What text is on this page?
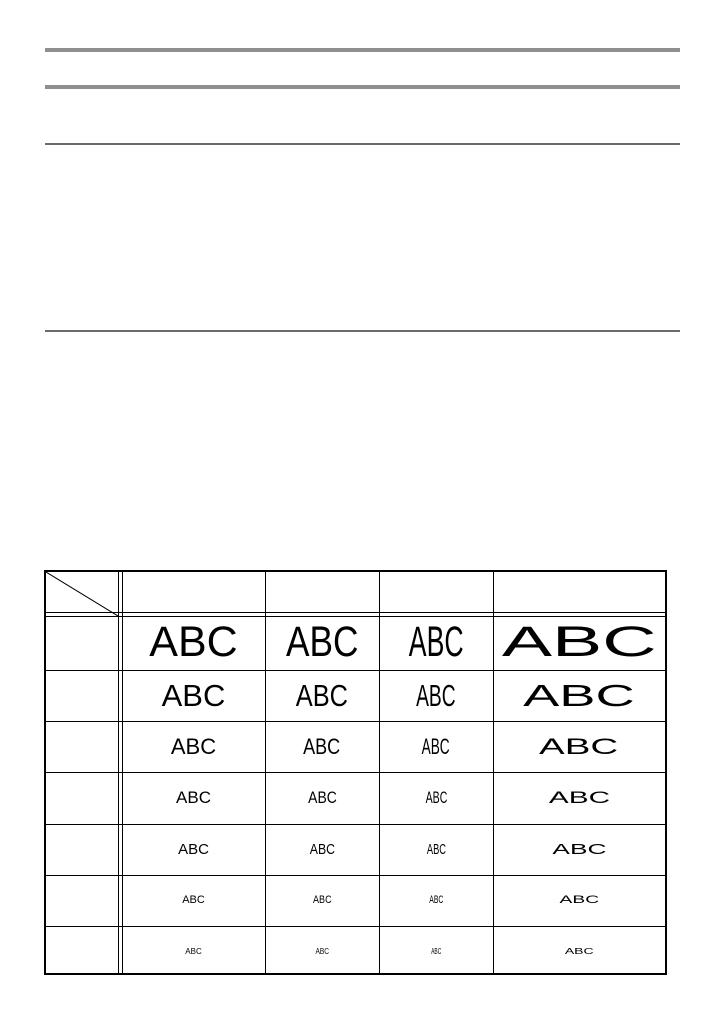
ABC ABC ABC ABC
ABC ABC ABC ABC
ABC	ABC	ABC	ABC
ABC	ABC	ABC	ABC
ABC	ABC	ABC	ABC
ABC	ABC	ABC	ABC
ABC	ABC	ABC	ABC
